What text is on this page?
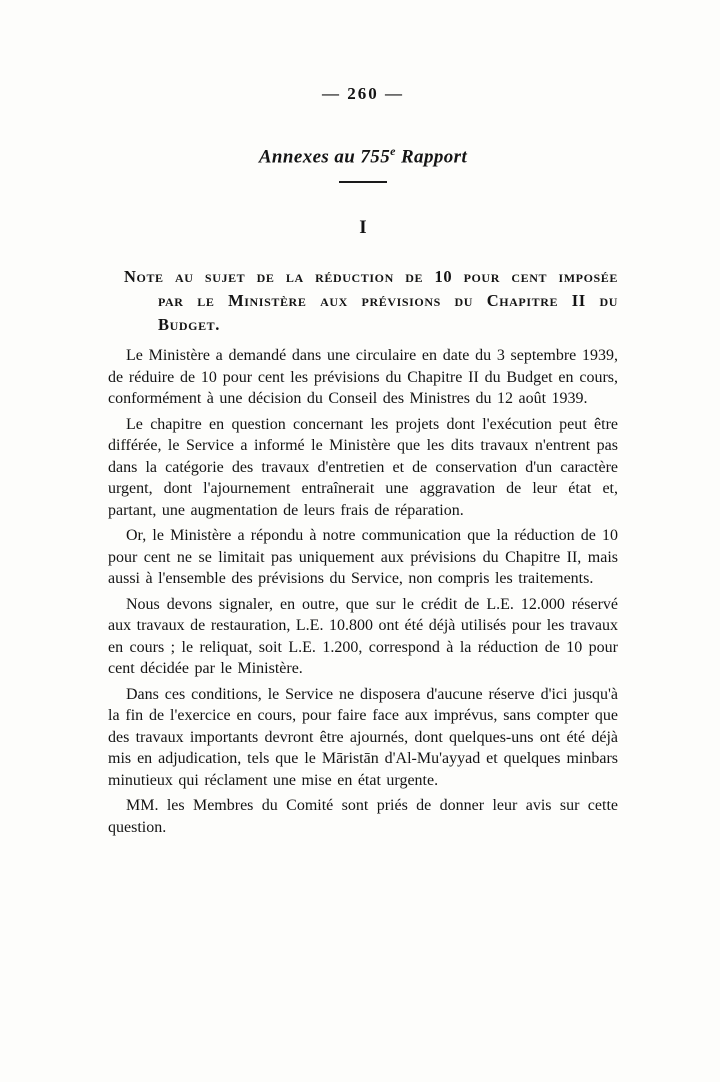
— 260 —
Annexes au 755e Rapport
I
Note au sujet de la réduction de 10 pour cent imposée par le Ministère aux prévisions du Chapitre II du Budget.

Le Ministère a demandé dans une circulaire en date du 3 septembre 1939, de réduire de 10 pour cent les prévisions du Chapitre II du Budget en cours, conformément à une décision du Conseil des Ministres du 12 août 1939.

Le chapitre en question concernant les projets dont l'exécution peut être différée, le Service a informé le Ministère que les dits travaux n'entrent pas dans la catégorie des travaux d'entretien et de conservation d'un caractère urgent, dont l'ajournement entraînerait une aggravation de leur état et, partant, une augmentation de leurs frais de réparation.

Or, le Ministère a répondu à notre communication que la réduction de 10 pour cent ne se limitait pas uniquement aux prévisions du Chapitre II, mais aussi à l'ensemble des prévisions du Service, non compris les traitements.

Nous devons signaler, en outre, que sur le crédit de L.E. 12.000 réservé aux travaux de restauration, L.E. 10.800 ont été déjà utilisés pour les travaux en cours ; le reliquat, soit L.E. 1.200, correspond à la réduction de 10 pour cent décidée par le Ministère.

Dans ces conditions, le Service ne disposera d'aucune réserve d'ici jusqu'à la fin de l'exercice en cours, pour faire face aux imprévus, sans compter que des travaux importants devront être ajournés, dont quelques-uns ont été déjà mis en adjudication, tels que le Māristān d'Al-Mu'ayyad et quelques minbars minutieux qui réclament une mise en état urgente.

MM. les Membres du Comité sont priés de donner leur avis sur cette question.
